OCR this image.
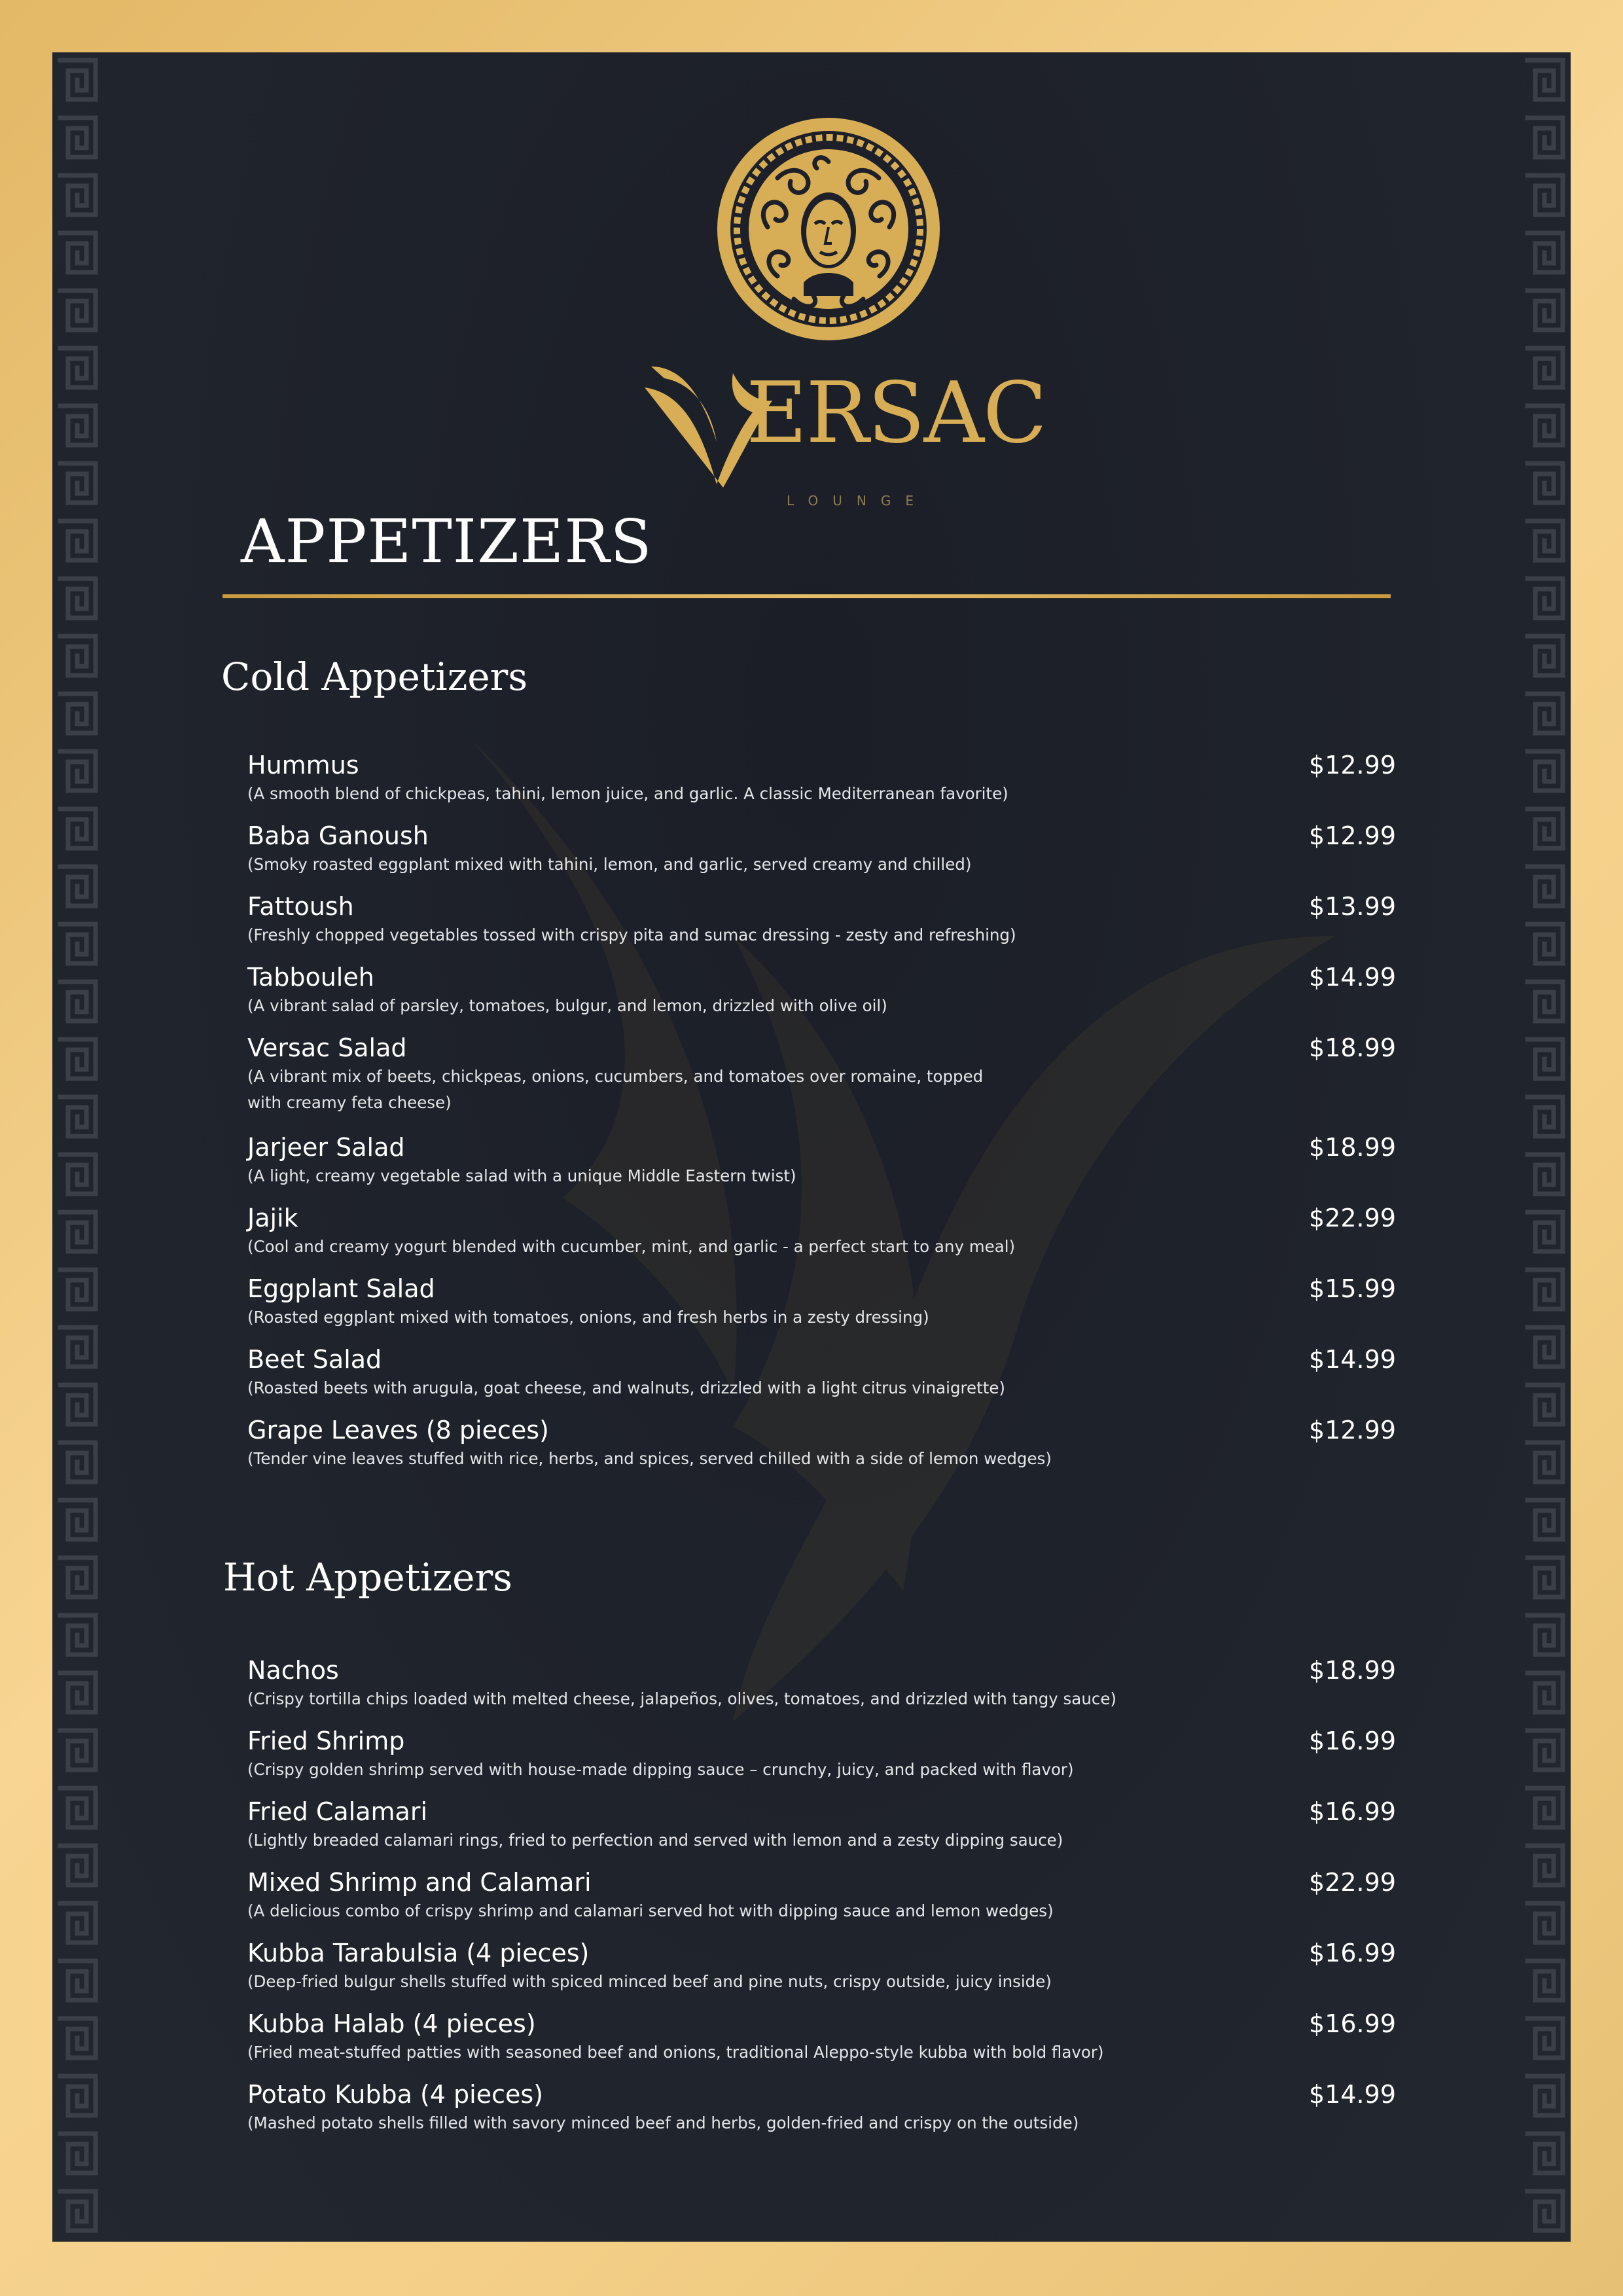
ERSAC
LOUNGE
APPETIZERS
Cold Appetizers
Hummus
(A smooth blend of chickpeas, tahini, lemon juice, and garlic. A classic Mediterranean favorite)
$12.99
Baba Ganoush
(Smoky roasted eggplant mixed with tahini, lemon, and garlic, served creamy and chilled)
$12.99
Fattoush
(Freshly chopped vegetables tossed with crispy pita and sumac dressing - zesty and refreshing)
$13.99
Tabbouleh
(A vibrant salad of parsley, tomatoes, bulgur, and lemon, drizzled with olive oil)
$14.99
Versac Salad
(A vibrant mix of beets, chickpeas, onions, cucumbers, and tomatoes over romaine, topped with creamy feta cheese)
$18.99
Jarjeer Salad
(A light, creamy vegetable salad with a unique Middle Eastern twist)
$18.99
Jajik
(Cool and creamy yogurt blended with cucumber, mint, and garlic - a perfect start to any meal)
$22.99
Eggplant Salad
(Roasted eggplant mixed with tomatoes, onions, and fresh herbs in a zesty dressing)
$15.99
Beet Salad
(Roasted beets with arugula, goat cheese, and walnuts, drizzled with a light citrus vinaigrette)
$14.99
Grape Leaves (8 pieces)
(Tender vine leaves stuffed with rice, herbs, and spices, served chilled with a side of lemon wedges)
$12.99
Hot Appetizers
Nachos
(Crispy tortilla chips loaded with melted cheese, jalapeños, olives, tomatoes, and drizzled with tangy sauce)
$18.99
Fried Shrimp
(Crispy golden shrimp served with house-made dipping sauce – crunchy, juicy, and packed with flavor)
$16.99
Fried Calamari
(Lightly breaded calamari rings, fried to perfection and served with lemon and a zesty dipping sauce)
$16.99
Mixed Shrimp and Calamari
(A delicious combo of crispy shrimp and calamari served hot with dipping sauce and lemon wedges)
$22.99
Kubba Tarabulsia (4 pieces)
(Deep-fried bulgur shells stuffed with spiced minced beef and pine nuts, crispy outside, juicy inside)
$16.99
Kubba Halab (4 pieces)
(Fried meat-stuffed patties with seasoned beef and onions, traditional Aleppo-style kubba with bold flavor)
$16.99
Potato Kubba (4 pieces)
(Mashed potato shells filled with savory minced beef and herbs, golden-fried and crispy on the outside)
$14.99
